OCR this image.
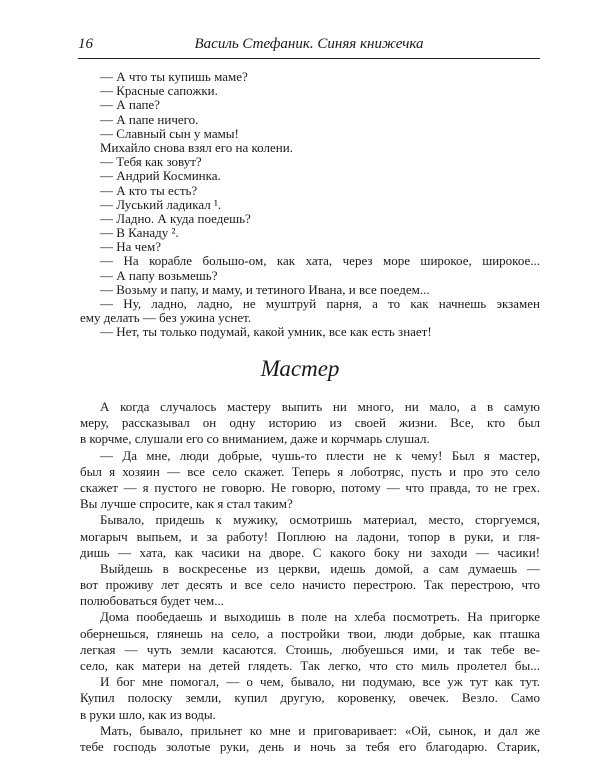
16	Василь Стефаник. Синяя книжечка
— А что ты купишь маме?
— Красные сапожки.
— А папе?
— А папе ничего.
— Славный сын у мамы!
Михайло снова взял его на колени.
— Тебя как зовут?
— Андрий Косминка.
— А кто ты есть?
— Луський ладикал ¹.
— Ладно. А куда поедешь?
— В Канаду ².
— На чем?
— На корабле большо-ом, как хата, через море широкое, широкое...
— А папу возьмешь?
— Возьму и папу, и маму, и тетиного Ивана, и все поедем...
— Ну, ладно, ладно, не муштруй парня, а то как начнешь экзамен
ему делать — без ужина уснет.
— Нет, ты только подумай, какой умник, все как есть знает!
Мастер
А когда случалось мастеру выпить ни много, ни мало, а в самую
меру, рассказывал он одну историю из своей жизни. Все, кто был
в корчме, слушали его со вниманием, даже и корчмарь слушал.
— Да мне, люди добрые, чушь-то плести не к чему! Был я мастер,
был я хозяин — все село скажет. Теперь я лоботряс, пусть и про это село
скажет — я пустого не говорю. Не говорю, потому — что правда, то не грех.
Вы лучше спросите, как я стал таким?
Бывало, придешь к мужику, осмотришь материал, место, сторгуемся,
могарыч выпьем, и за работу! Поплюю на ладони, топор в руки, и гля-
дишь — хата, как часики на дворе. С какого боку ни заходи — часики!
Выйдешь в воскресенье из церкви, идешь домой, а сам думаешь —
вот проживу лет десять и все село начисто перестрою. Так перестрою, что
полюбоваться будет чем...
Дома пообедаешь и выходишь в поле на хлеба посмотреть. На пригорке
обернешься, глянешь на село, а постройки твои, люди добрые, как пташка
легкая — чуть земли касаются. Стоишь, любуешься ими, и так тебе ве-
село, как матери на детей глядеть. Так легко, что сто миль пролетел бы...
И бог мне помогал, — о чем, бывало, ни подумаю, все уж тут как тут.
Купил полоску земли, купил другую, коровенку, овечек. Везло. Само
в руки шло, как из воды.
Мать, бывало, прильнет ко мне и приговаривает: «Ой, сынок, и дал же
тебе господь золотые руки, день и ночь за тебя его благодарю. Старик,
